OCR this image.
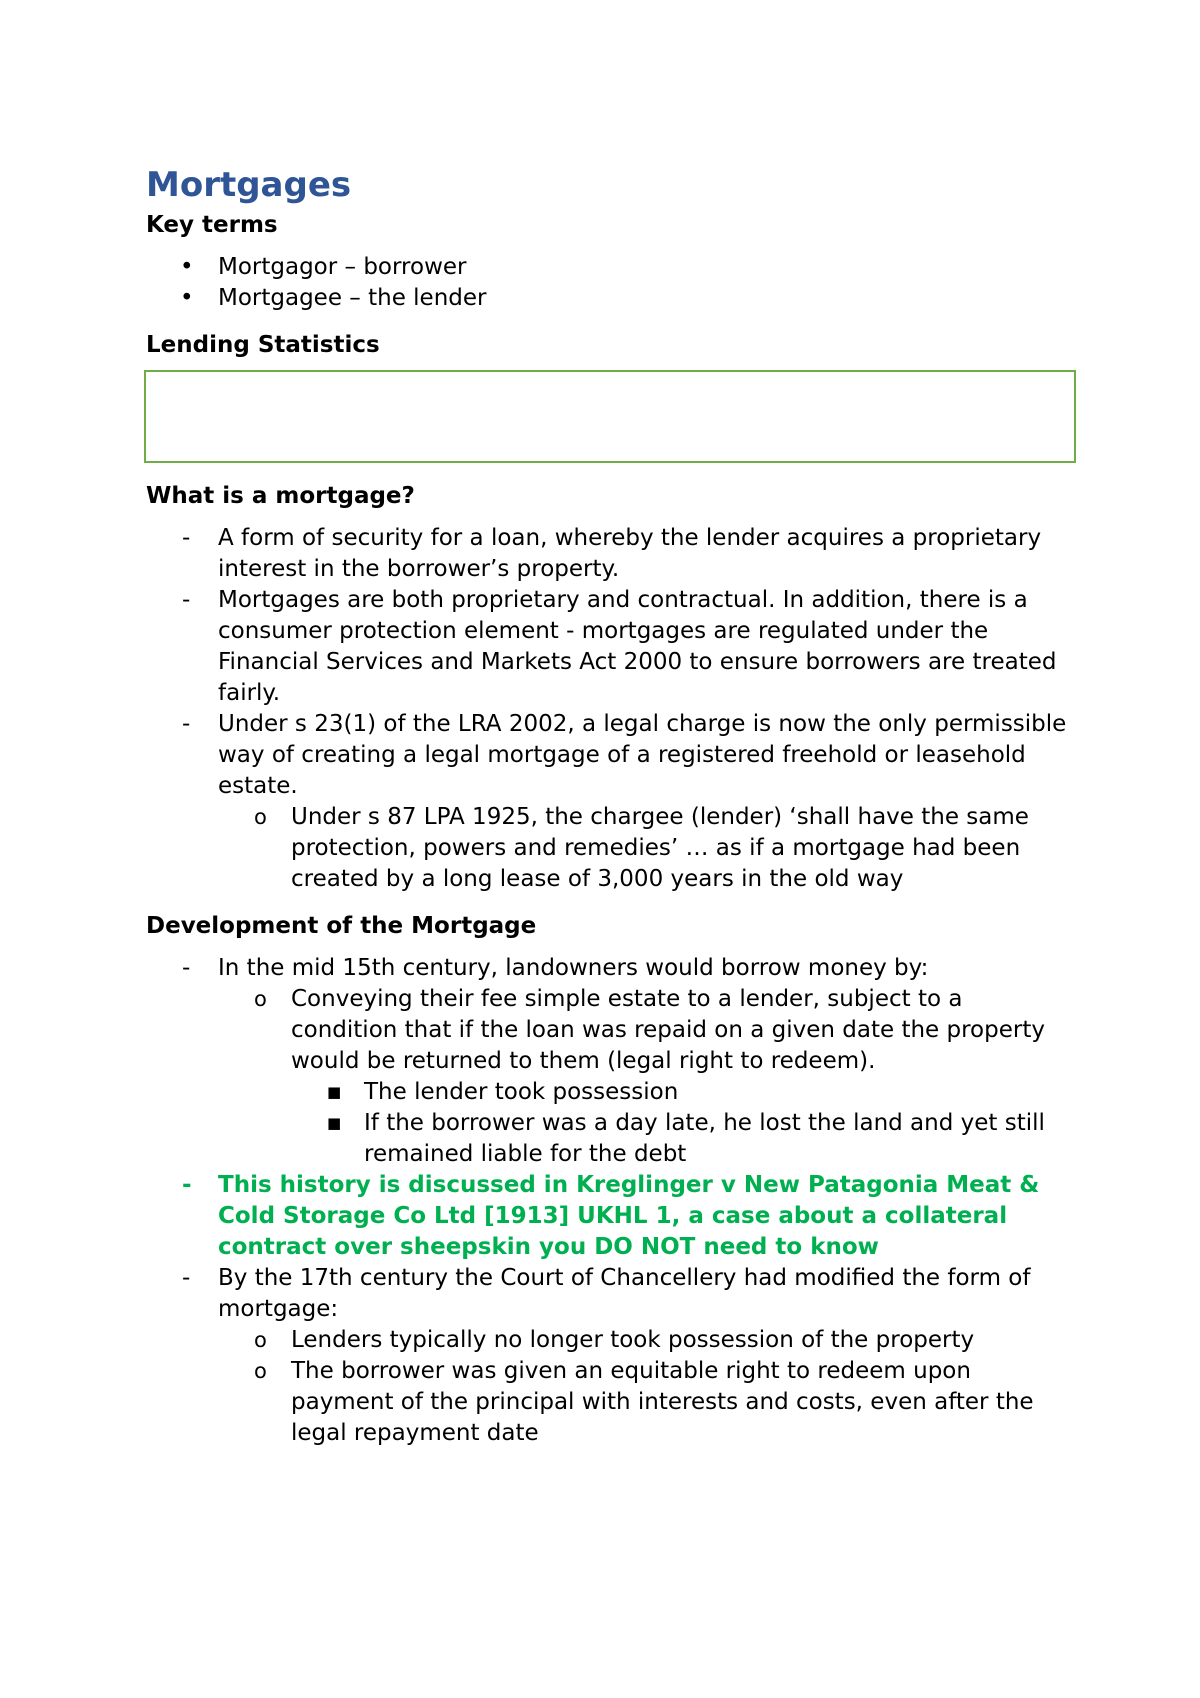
Mortgages
Key terms
• Mortgagor – borrower
• Mortgagee – the lender
Lending Statistics
What is a mortgage?
- A form of security for a loan, whereby the lender acquires a proprietary interest in the borrower’s property.
- Mortgages are both proprietary and contractual. In addition, there is a consumer protection element - mortgages are regulated under the Financial Services and Markets Act 2000 to ensure borrowers are treated fairly.
- Under s 23(1) of the LRA 2002, a legal charge is now the only permissible way of creating a legal mortgage of a registered freehold or leasehold estate.
o Under s 87 LPA 1925, the chargee (lender) ‘shall have the same protection, powers and remedies’ … as if a mortgage had been created by a long lease of 3,000 years in the old way
Development of the Mortgage
- In the mid 15th century, landowners would borrow money by:
o Conveying their fee simple estate to a lender, subject to a condition that if the loan was repaid on a given date the property would be returned to them (legal right to redeem).
■ The lender took possession
■ If the borrower was a day late, he lost the land and yet still remained liable for the debt
- This history is discussed in Kreglinger v New Patagonia Meat & Cold Storage Co Ltd [1913] UKHL 1, a case about a collateral contract over sheepskin you DO NOT need to know
- By the 17th century the Court of Chancellery had modified the form of mortgage:
o Lenders typically no longer took possession of the property
o The borrower was given an equitable right to redeem upon payment of the principal with interests and costs, even after the legal repayment date
